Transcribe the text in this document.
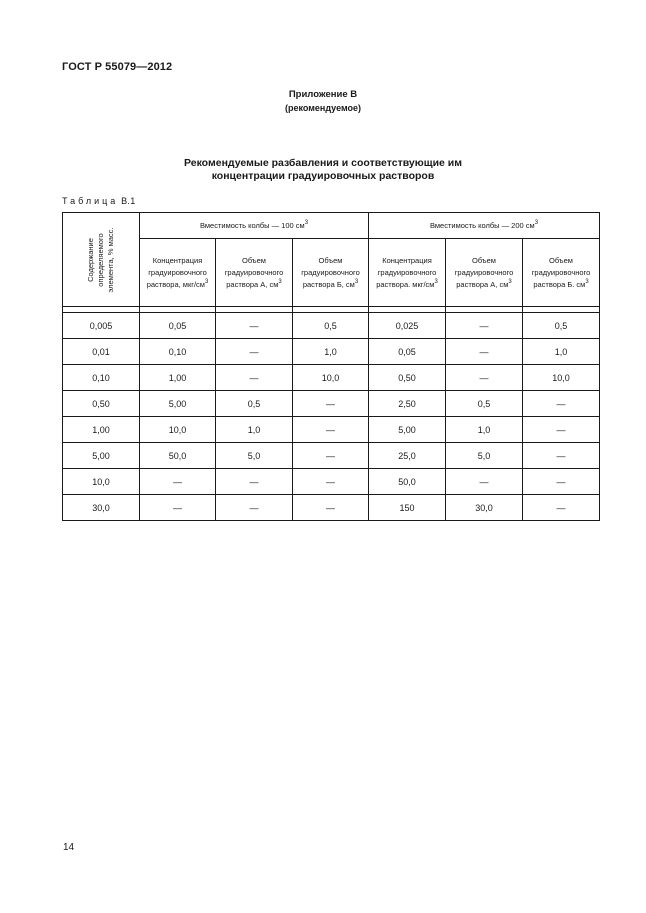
ГОСТ Р 55079—2012
Приложение В
(рекомендуемое)
Рекомендуемые разбавления и соответствующие им
концентрации градуировочных растворов
Таблица В.1
Содержание определяемого элемента, % масс.	Вместимость колбы — 100 $см^3$			Вместимость колбы — 200 $см^3$
	Концентрация градуировочного раствора, мкг/$см^3$	Объем градуировочного раствора А, $см^3$	Объем градуировочного раствора Б, $см^3$	Концентрация градуировочного раствора. мкг/$см^3$	Объем градуировочного раствора А, $см^3$	Объем градуировочного раствора Б. $см^3$

0,005	0,05	—	0,5	0,025	—	0,5
0,01	0,10	—	1,0	0,05	—	1,0
0,10	1,00	—	10,0	0,50	—	10,0
0,50	5,00	0,5	—	2,50	0,5	—
1,00	10,0	1,0	—	5,00	1,0	—
5,00	50,0	5,0	—	25,0	5,0	—
10,0	—	—	—	50,0	—	—
30,0	—	—	—	150	30,0	—
14
